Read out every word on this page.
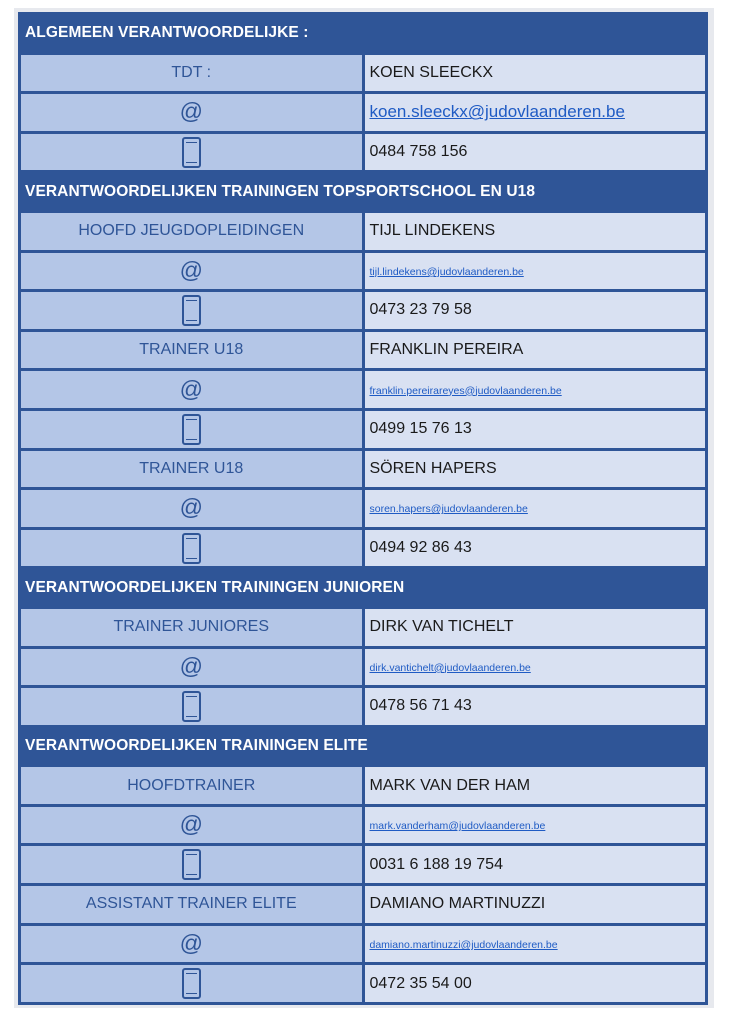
ALGEMEEN VERANTWOORDELIJKE :	
TDT :	KOEN SLEECKX
@	koen.sleeckx@judovlaanderen.be
	0484 758 156
VERANTWOORDELIJKEN TRAININGEN TOPSPORTSCHOOL EN U18	
HOOFD JEUGDOPLEIDINGEN	TIJL LINDEKENS
@	tijl.lindekens@judovlaanderen.be
	0473 23 79 58
TRAINER U18	FRANKLIN PEREIRA
@	franklin.pereirareyes@judovlaanderen.be
	0499 15 76 13
TRAINER U18	SÖREN HAPERS
@	soren.hapers@judovlaanderen.be
	0494 92 86 43
VERANTWOORDELIJKEN TRAININGEN JUNIOREN	
TRAINER JUNIORES	DIRK VAN TICHELT
@	dirk.vantichelt@judovlaanderen.be
	0478 56 71 43
VERANTWOORDELIJKEN TRAININGEN ELITE	
HOOFDTRAINER	MARK VAN DER HAM
@	mark.vanderham@judovlaanderen.be
	0031 6 188 19 754
ASSISTANT TRAINER ELITE	DAMIANO MARTINUZZI
@	damiano.martinuzzi@judovlaanderen.be
	0472 35 54 00
